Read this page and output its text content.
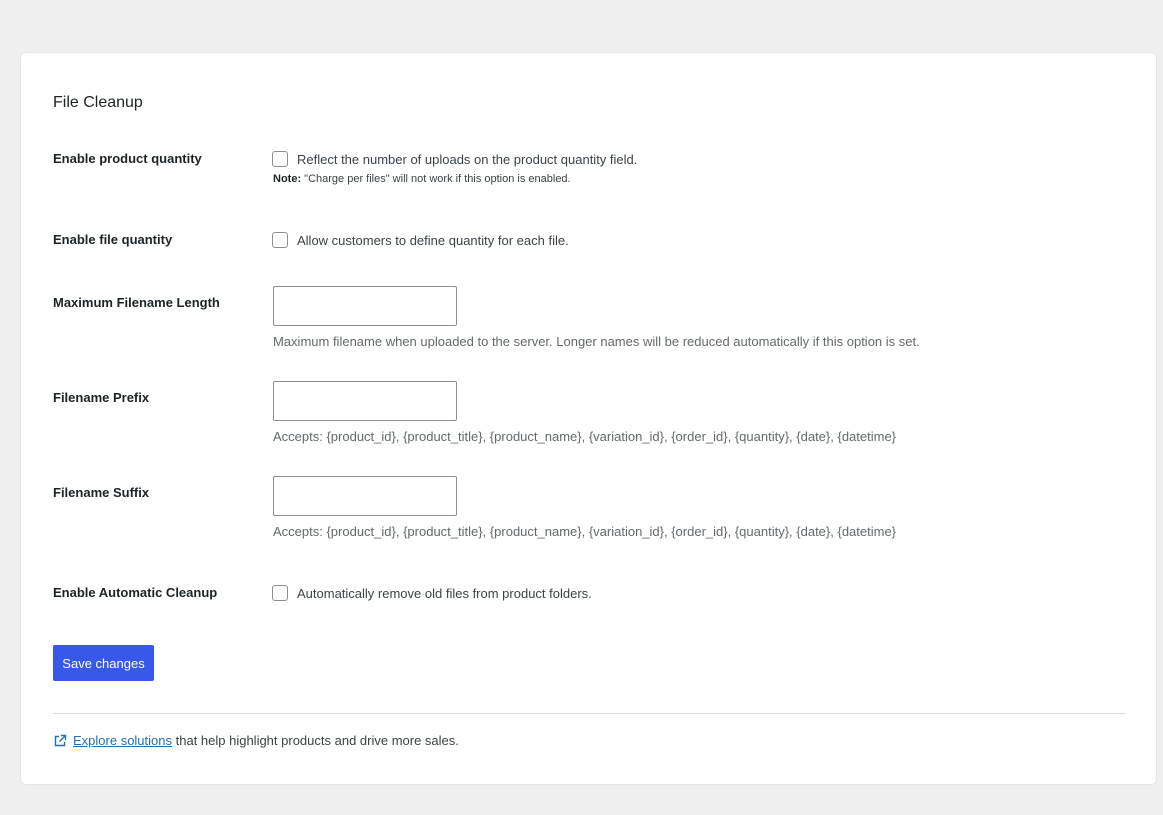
File Cleanup
Enable product quantity	Reflect the number of uploads on the product quantity field.
Note: "Charge per files" will not work if this option is enabled.
Enable file quantity	Allow customers to define quantity for each file.
Maximum Filename Length
Maximum filename when uploaded to the server. Longer names will be reduced automatically if this option is set.
Filename Prefix
Accepts: {product_id}, {product_title}, {product_name}, {variation_id}, {order_id}, {quantity}, {date}, {datetime}
Filename Suffix
Accepts: {product_id}, {product_title}, {product_name}, {variation_id}, {order_id}, {quantity}, {date}, {datetime}
Enable Automatic Cleanup	Automatically remove old files from product folders.
Save changes
Explore solutions that help highlight products and drive more sales.
